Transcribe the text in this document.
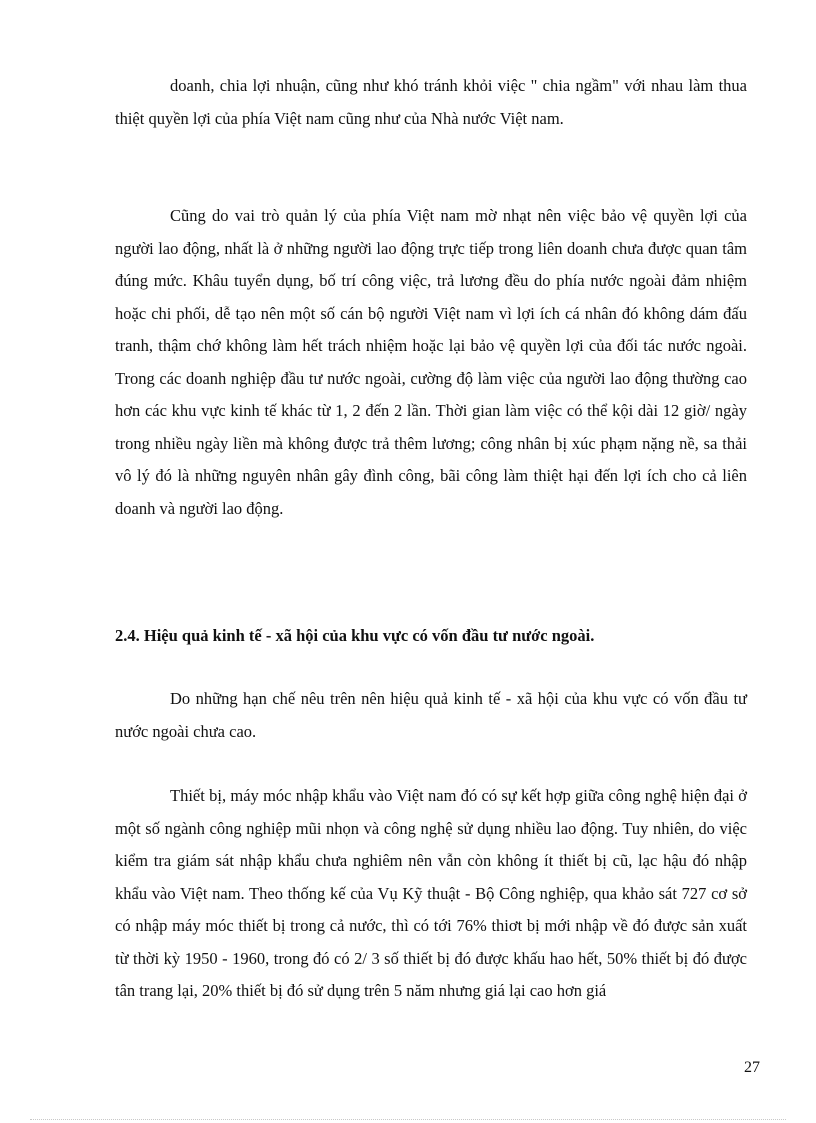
doanh, chia lợi nhuận, cũng như khó tránh khỏi việc " chia ngầm" với nhau làm thua thiệt quyền lợi của phía Việt nam cũng như của Nhà nước Việt nam.

Cũng do vai trò quản lý của phía Việt nam mờ nhạt nên việc bảo vệ quyền lợi của người lao động, nhất là ở những người lao động trực tiếp trong liên doanh chưa được quan tâm đúng mức. Khâu tuyển dụng, bố trí công việc, trả lương đều do phía nước ngoài đảm nhiệm hoặc chi phối, dễ tạo nên một số cán bộ người Việt nam vì lợi ích cá nhân đó không dám đấu tranh, thậm chớ không làm hết trách nhiệm hoặc lại bảo vệ quyền lợi của đối tác nước ngoài. Trong các doanh nghiệp đầu tư nước ngoài, cường độ làm việc của người lao động thường cao hơn các khu vực kinh tế khác từ 1, 2 đến 2 lần. Thời gian làm việc có thể kội dài 12 giờ/ ngày trong nhiều ngày liền mà không được trả thêm lương; công nhân bị xúc phạm nặng nề, sa thải vô lý đó là những nguyên nhân gây đình công, bãi công làm thiệt hại đến lợi ích cho cả liên doanh và người lao động.

2.4. Hiệu quả kinh tế - xã hội của khu vực có vốn đầu tư nước ngoài.

Do những hạn chế nêu trên nên hiệu quả kinh tế - xã hội của khu vực có vốn đầu tư nước ngoài chưa cao.

Thiết bị, máy móc nhập khẩu vào Việt nam đó có sự kết hợp giữa công nghệ hiện đại ở một số ngành công nghiệp mũi nhọn và công nghệ sử dụng nhiều lao động. Tuy nhiên, do việc kiểm tra giám sát nhập khẩu chưa nghiêm nên vẫn còn không ít thiết bị cũ, lạc hậu đó nhập khẩu vào Việt nam. Theo thống kế của Vụ Kỹ thuật - Bộ Công nghiệp, qua khảo sát 727 cơ sở có nhập máy móc thiết bị trong cả nước, thì có tới 76% thiơt bị mới nhập về đó được sản xuất từ thời kỳ 1950 - 1960, trong đó có 2/ 3 số thiết bị đó được khấu hao hết, 50% thiết bị đó được tân trang lại, 20% thiết bị đó sử dụng trên 5 năm nhưng giá lại cao hơn giá

27
